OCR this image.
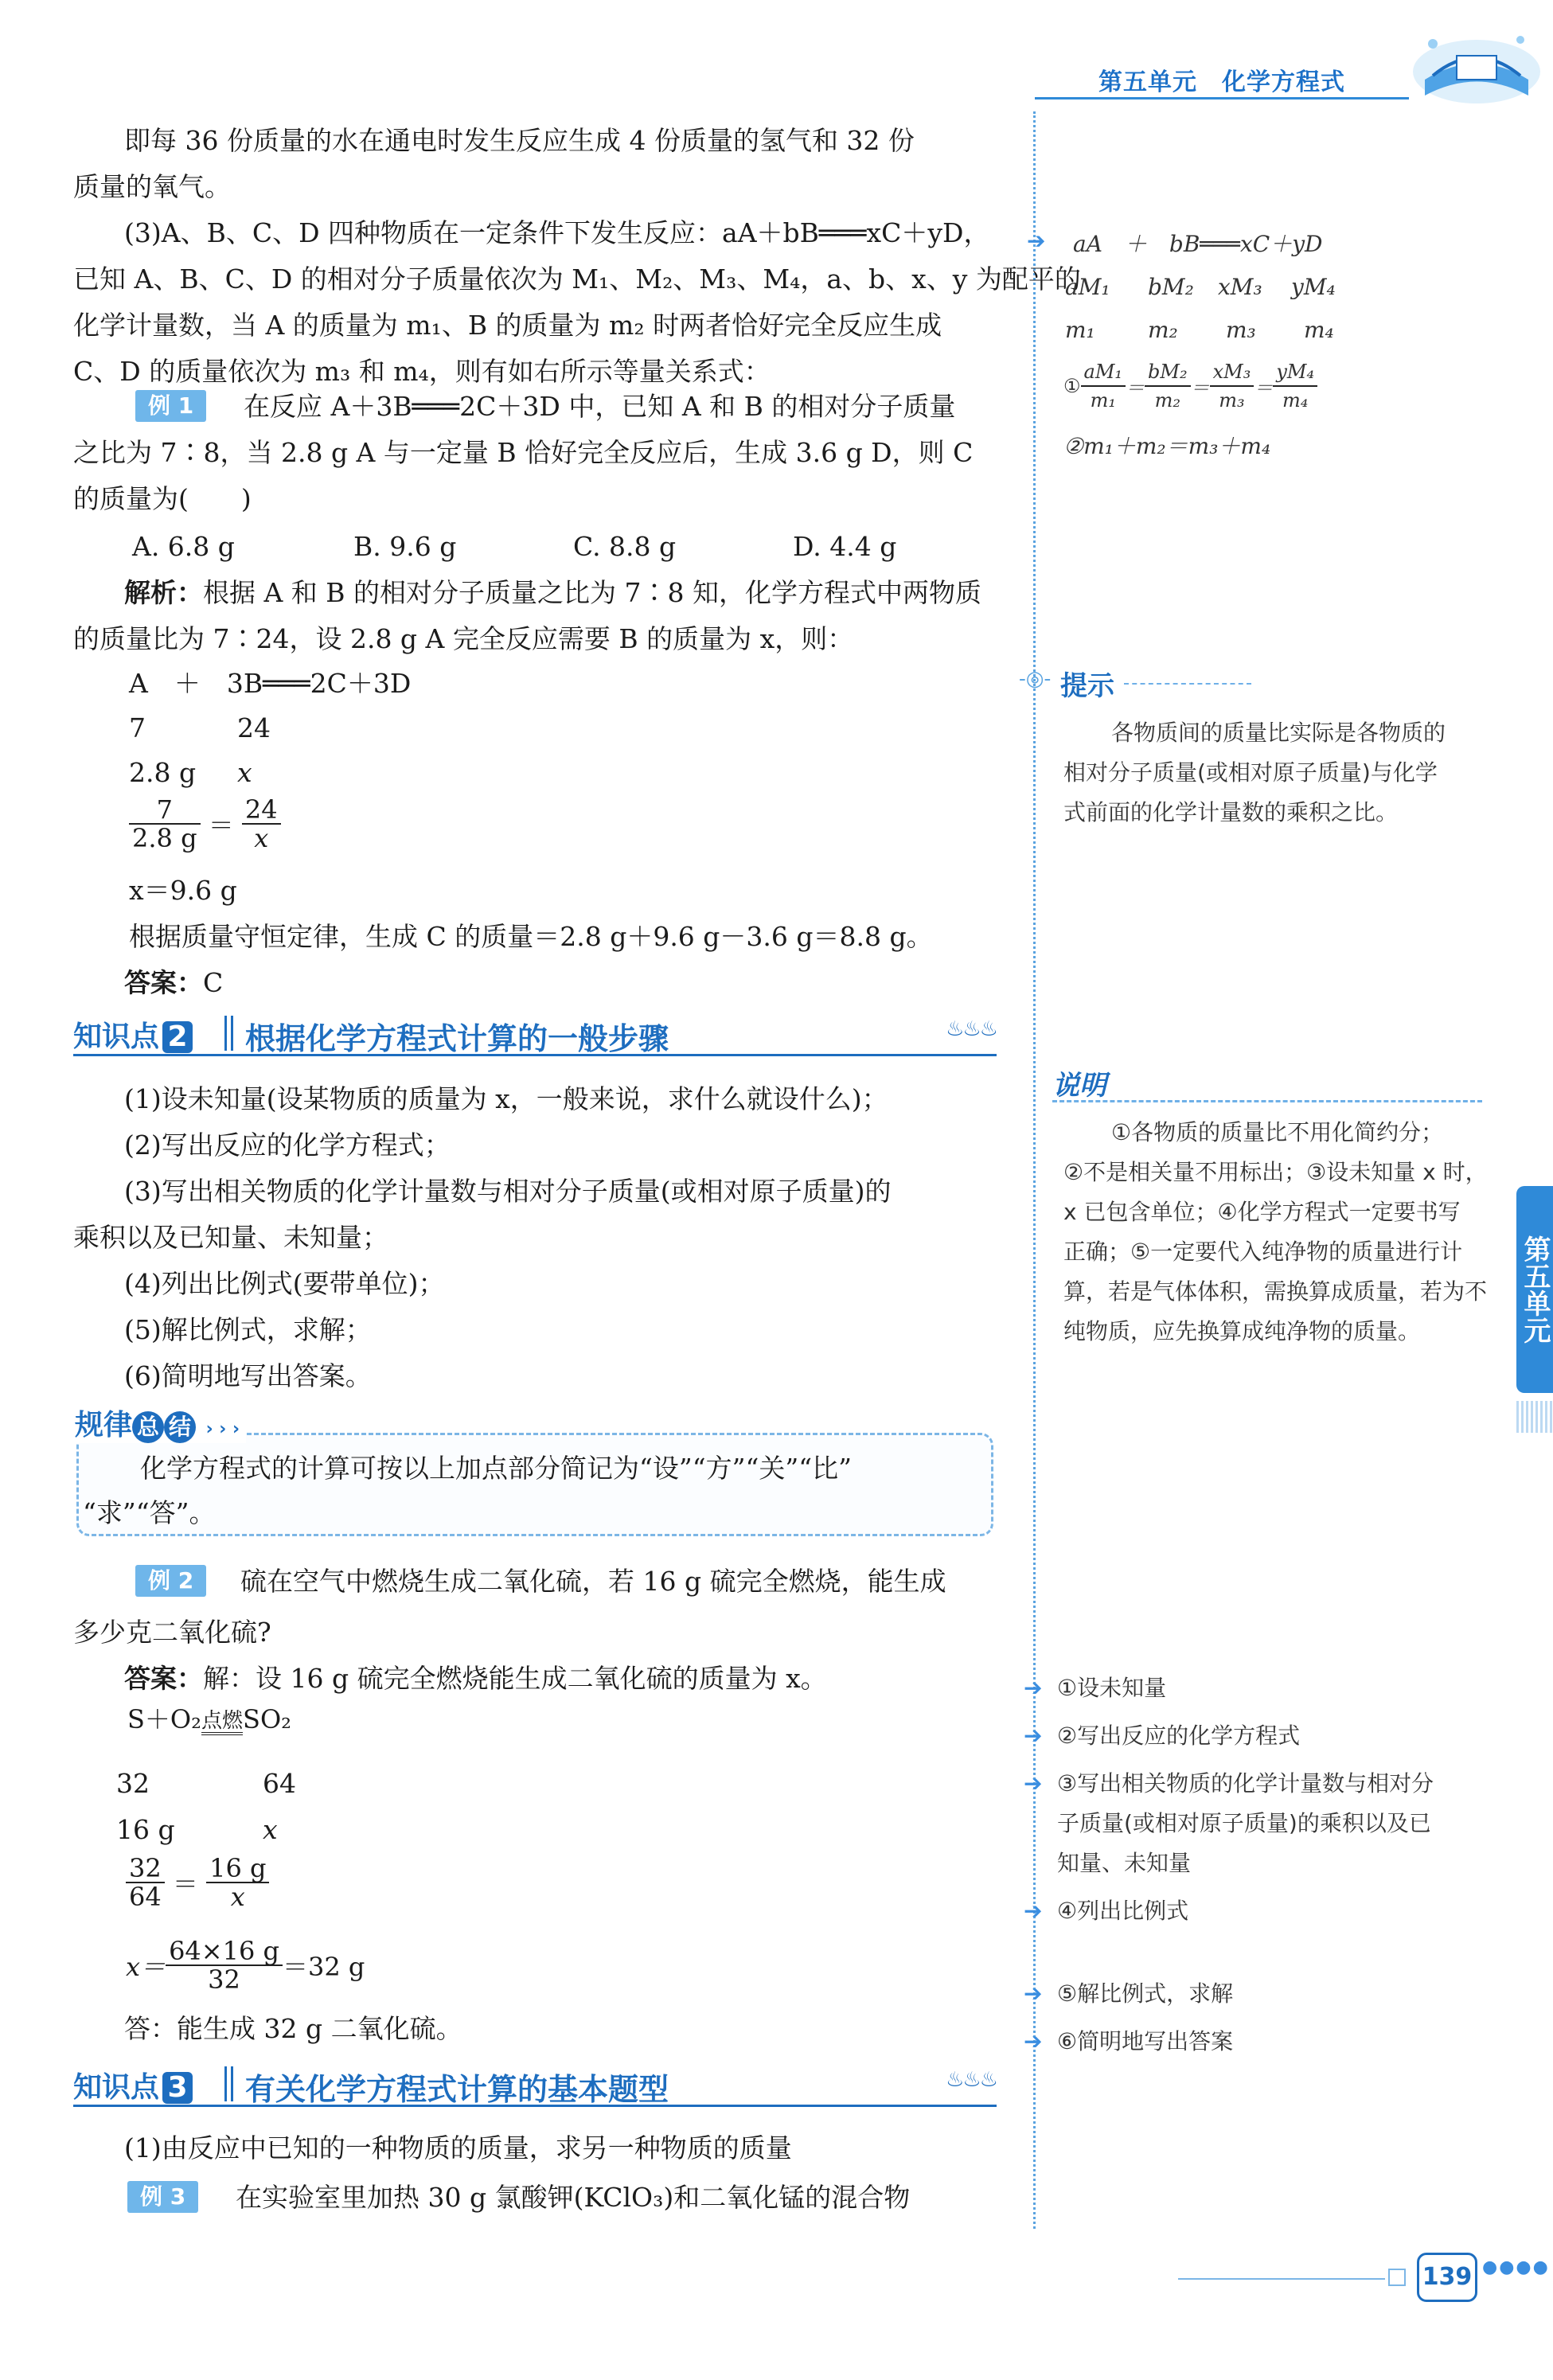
第五单元　化学方程式
即每 36 份质量的水在通电时发生反应生成 4 份质量的氢气和 32 份
质量的氧气。
(3)A、B、C、D 四种物质在一定条件下发生反应：aA＋bB═══xC＋yD，
已知 A、B、C、D 的相对分子质量依次为 M₁、M₂、M₃、M₄，a、b、x、y 为配平的
化学计量数，当 A 的质量为 m₁、B 的质量为 m₂ 时两者恰好完全反应生成
C、D 的质量依次为 m₃ 和 m₄，则有如右所示等量关系式：
例 1	在反应 A＋3B═══2C＋3D 中，已知 A 和 B 的相对分子质量
之比为 7∶8，当 2.8 g A 与一定量 B 恰好完全反应后，生成 3.6 g D，则 C
的质量为(　　)
A. 6.8 g	B. 9.6 g	C. 8.8 g	D. 4.4 g
解析：根据 A 和 B 的相对分子质量之比为 7∶8 知，化学方程式中两物质
的质量比为 7∶24，设 2.8 g A 完全反应需要 B 的质量为 x，则：
A　＋　3B═══2C＋3D
7	24
2.8 g x
$\frac{7}{2.8 g} = \frac{24}{x}$
x＝9.6 g
根据质量守恒定律，生成 C 的质量＝2.8 g＋9.6 g－3.6 g＝8.8 g。
答案：C
知识点 2 根据化学方程式计算的一般步骤	♨♨♨
(1)设未知量(设某物质的质量为 x，一般来说，求什么就设什么)；
(2)写出反应的化学方程式；
(3)写出相关物质的化学计量数与相对分子质量(或相对原子质量)的
乘积以及已知量、未知量；
(4)列出比例式(要带单位)；
(5)解比例式，求解；
(6)简明地写出答案。
规律 总 结 › › ›
化学方程式的计算可按以上加点部分简记为“设”“方”“关”“比”
“求”“答”。
例 2	硫在空气中燃烧生成二氧化硫，若 16 g 硫完全燃烧，能生成
多少克二氧化硫?
答案：解：设 16 g 硫完全燃烧能生成二氧化硫的质量为 x。
S＋O₂ 点燃 SO₂
32	64
16 g	x
$\frac{32}{64} = \frac{16 g}{x}$
$x= \frac{64\times 16 g}{32} =32$ g
答：能生成 32 g 二氧化硫。
知识点 3 有关化学方程式计算的基本题型	♨♨♨
(1)由反应中已知的一种物质的质量，求另一种物质的质量
例 3	在实验室里加热 30 g 氯酸钾(KClO₃)和二氧化锰的混合物
➔ aA　＋　bB═══xC＋yD
aM₁ bM₂ xM₃ yM₄
m₁ m₂ m₃ m₄
① $\frac{\text{aM₁}}{\text{m₁}} = \frac{\text{bM₂}}{\text{m₂}} = \frac{\text{xM₃}}{\text{m₃}} = \frac{\text{yM₄}}{\text{m₄}}$
②m₁＋m₂＝m₃＋m₄
-◎- 提示
各物质间的质量比实际是各物质的
相对分子质量(或相对原子质量)与化学
式前面的化学计量数的乘积之比。
说明
①各物质的质量比不用化简约分；
②不是相关量不用标出；③设未知量 x 时，
x 已包含单位；④化学方程式一定要书写
正确；⑤一定要代入纯净物的质量进行计
算，若是气体体积，需换算成质量，若为不
纯物质，应先换算成纯净物的质量。
➔ ①设未知量
➔ ②写出反应的化学方程式
➔ ③写出相关物质的化学计量数与相对分
子质量(或相对原子质量)的乘积以及已
知量、未知量
➔ ④列出比例式
➔ ⑤解比例式，求解
➔ ⑥简明地写出答案
第五单元
139 ●●●●
